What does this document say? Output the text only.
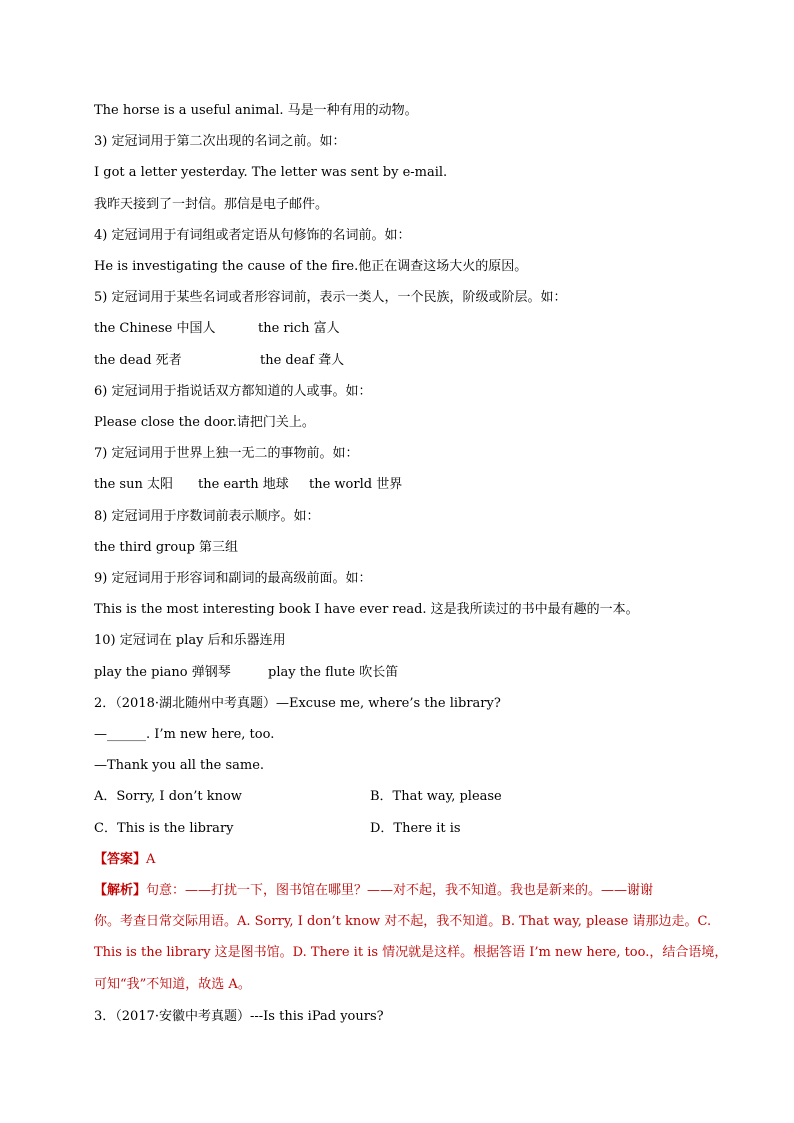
The horse is a useful animal. 马是一种有用的动物。
3) 定冠词用于第二次出现的名词之前。如：
I got a letter yesterday. The letter was sent by e-mail.
我昨天接到了一封信。那信是电子邮件。
4) 定冠词用于有词组或者定语从句修饰的名词前。如：
He is investigating the cause of the fire.他正在调查这场大火的原因。
5) 定冠词用于某些名词或者形容词前，表示一类人，一个民族，阶级或阶层。如：
6) 定冠词用于指说话双方都知道的人或事。如：
Please close the door.请把门关上。
7) 定冠词用于世界上独一无二的事物前。如：
8) 定冠词用于序数词前表示顺序。如：
the third group 第三组
9) 定冠词用于形容词和副词的最高级前面。如：
This is the most interesting book I have ever read. 这是我所读过的书中最有趣的一本。
10) 定冠词在 play 后和乐器连用
2．（2018·湖北随州中考真题）—Excuse me, where’s the library?
—______. I’m new here, too.
—Thank you all the same.
3．（2017·安徽中考真题）---Is this iPad yours?
the Chinese 中国人	the rich 富人
the dead 死者	the deaf 聋人
the sun 太阳 the earth 地球 the world 世界
play the piano 弹钢琴	play the flute 吹长笛
A．Sorry, I don’t know	B．That way, please
C．This is the library	D．There it is
【答案】A
【解析】句意：——打扰一下，图书馆在哪里？——对不起，我不知道。我也是新来的。——谢谢
你。考查日常交际用语。A. Sorry, I don’t know 对不起，我不知道。B. That way, please 请那边走。C.
This is the library 这是图书馆。D. There it is 情况就是这样。根据答语 I’m new here, too.，结合语境，
可知“我”不知道，故选 A。
